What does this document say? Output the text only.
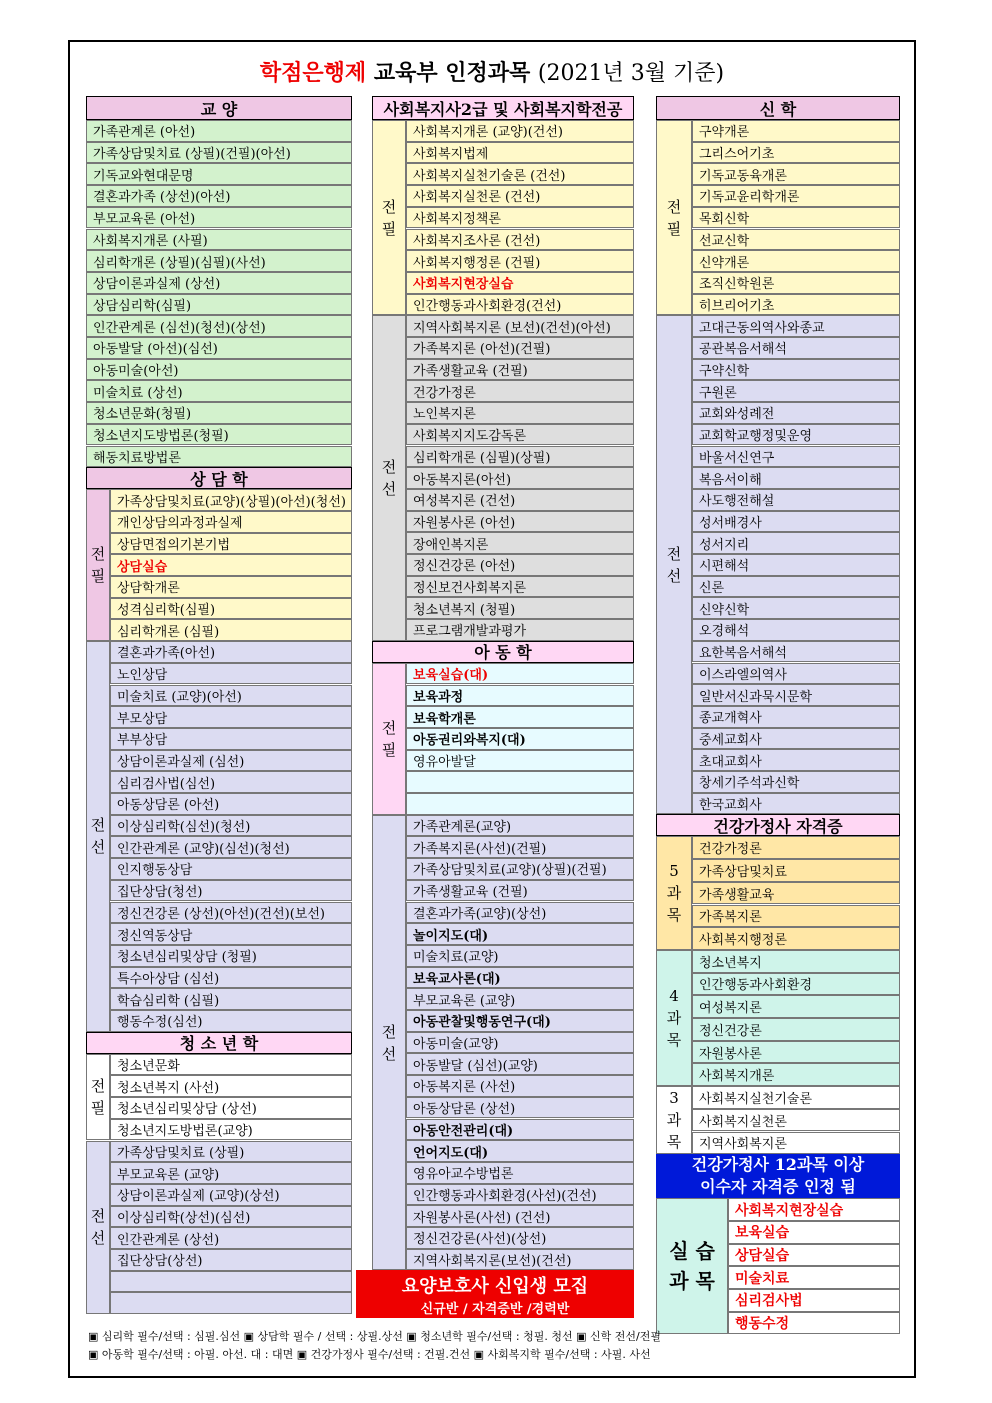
학점은행제 교육부 인정과목 (2021년 3월 기준)
교 양
가족관계론 (아선)
가족상담및치료 (상필)(건필)(아선)
기독교와현대문명
결혼과가족 (상선)(아선)
부모교육론 (아선)
사회복지개론 (사필)
심리학개론 (상필)(심필)(사선)
상담이론과실제 (상선)
상담심리학(심필)
인간관계론 (심선)(청선)(상선)
아동발달 (아선)(심선)
아동미술(아선)
미술치료 (상선)
청소년문화(청필)
청소년지도방법론(청필)
해동치료방법론
상 담 학
가족상담및치료(교양)(상필)(아선)(청선)
개인상담의과정과실제
상담면접의기본기법
상담실습
상담학개론
성격심리학(심필)
심리학개론 (심필)
전
필
결혼과가족(아선)
노인상담
미술치료 (교양)(아선)
부모상담
부부상담
상담이론과실제 (심선)
심리검사법(심선)
아동상담론 (아선)
이상심리학(심선)(청선)
인간관계론 (교양)(심선)(청선)
인지행동상담
집단상담(청선)
정신건강론 (상선)(아선)(건선)(보선)
정신역동상담
청소년심리및상담 (청필)
특수아상담 (심선)
학습심리학 (심필)
행동수정(심선)
전
선
청 소 년 학
청소년문화
청소년복지 (사선)
청소년심리및상담 (상선)
청소년지도방법론(교양)
전
필
가족상담및치료 (상필)
부모교육론 (교양)
상담이론과실제 (교양)(상선)
이상심리학(상선)(심선)
인간관계론 (상선)
집단상담(상선)
전
선
사회복지사2급 및 사회복지학전공
사회복지개론 (교양)(건선)
사회복지법제
사회복지실천기술론 (건선)
사회복지실천론 (건선)
사회복지정책론
사회복지조사론 (건선)
사회복지행정론 (건필)
사회복지현장실습
인간행동과사회환경(건선)
전
필
지역사회복지론 (보선)(건선)(아선)
가족복지론 (아선)(건필)
가족생활교육 (건필)
건강가정론
노인복지론
사회복지지도감독론
심리학개론 (심필)(상필)
아동복지론(아선)
여성복지론 (건선)
자원봉사론 (아선)
장애인복지론
정신건강론 (아선)
정신보건사회복지론
청소년복지 (청필)
프로그램개발과평가
전
선
아 동 학
보육실습(대)
보육과정
보육학개론
아동권리와복지(대)
영유아발달
전
필
가족관계론(교양)
가족복지론(사선)(건필)
가족상담및치료(교양)(상필)(건필)
가족생활교육 (건필)
결혼과가족(교양)(상선)
놀이지도(대)
미술치료(교양)
보육교사론(대)
부모교육론 (교양)
아동관찰및행동연구(대)
아동미술(교양)
아동발달 (심선)(교양)
아동복지론 (사선)
아동상담론 (상선)
아동안전관리(대)
언어지도(대)
영유아교수방법론
인간행동과사회환경(사선)(건선)
자원봉사론(사선) (건선)
정신건강론(사선)(상선)
지역사회복지론(보선)(건선)
전
선
요양보호사 신입생 모집
신규반 / 자격증반 /경력반
신 학
구약개론
그리스어기초
기독교동육개론
기독교윤리학개론
목회신학
선교신학
신약개론
조직신학원론
히브리어기초
전
필
고대근동의역사와종교
공관복음서해석
구약신학
구원론
교회와성례전
교회학교행정및운영
바울서신연구
복음서이해
사도행전해설
성서배경사
성서지리
시편해석
신론
신약신학
오경해석
요한복음서해석
이스라엘의역사
일반서신과묵시문학
종교개혁사
중세교회사
초대교회사
창세기주석과신학
한국교회사
전
선
건강가정사 자격증
건강가정론
가족상담및치료
가족생활교육
가족복지론
사회복지행정론
5
과
목
청소년복지
인간행동과사회환경
여성복지론
정신건강론
자원봉사론
사회복지개론
4
과
목
사회복지실천기술론
사회복지실천론
지역사회복지론
3
과
목
건강가정사 12과목 이상
이수자 자격증 인정 됨
사회복지현장실습
보육실습
상담실습
미술치료
심리검사법
행동수정
실 습
과 목
▣ 심리학 필수/선택 : 심필.심선 ▣ 상담학 필수 / 선택 : 상필.상선 ▣ 청소년학 필수/선택 : 청필. 청선 ▣ 신학 전선/전필
▣ 아동학 필수/선택 : 아필. 아선. 대 : 대면 ▣ 건강가정사 필수/선택 : 건필.건선 ▣ 사회복지학 필수/선택 : 사필. 사선
